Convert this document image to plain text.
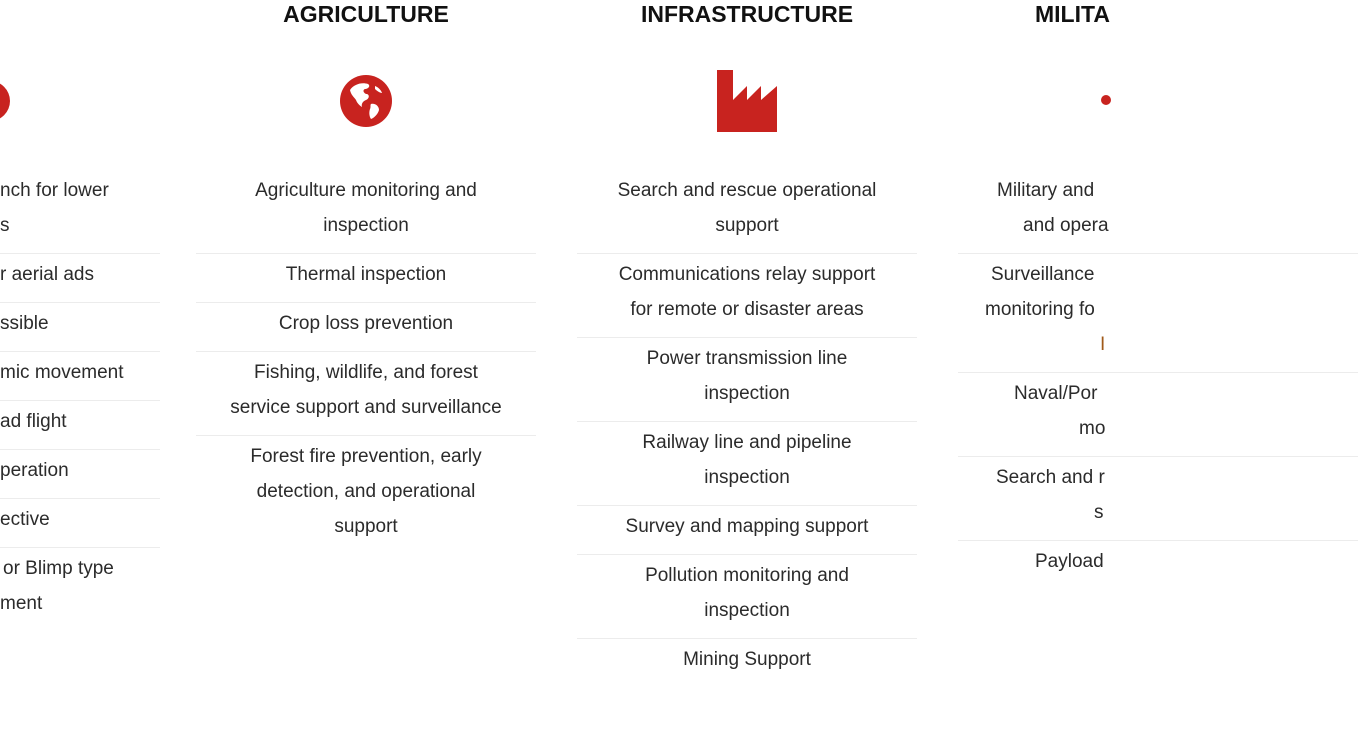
nch for lower
s
r aerial ads
ssible
mic movement
ad flight
peration
ective
or Blimp type
ment
AGRICULTURE
Agriculture monitoring and
inspection
Thermal inspection
Crop loss prevention
Fishing, wildlife, and forest
service support and surveillance
Forest fire prevention, early
detection, and operational
support
INFRASTRUCTURE
Search and rescue operational
support
Communications relay support
for remote or disaster areas
Power transmission line
inspection
Railway line and pipeline
inspection
Survey and mapping support
Pollution monitoring and
inspection
Mining Support
MILITA
Military and
and opera
Surveillance
monitoring fo
I
Naval/Por
mo
Search and r
s
Payload
